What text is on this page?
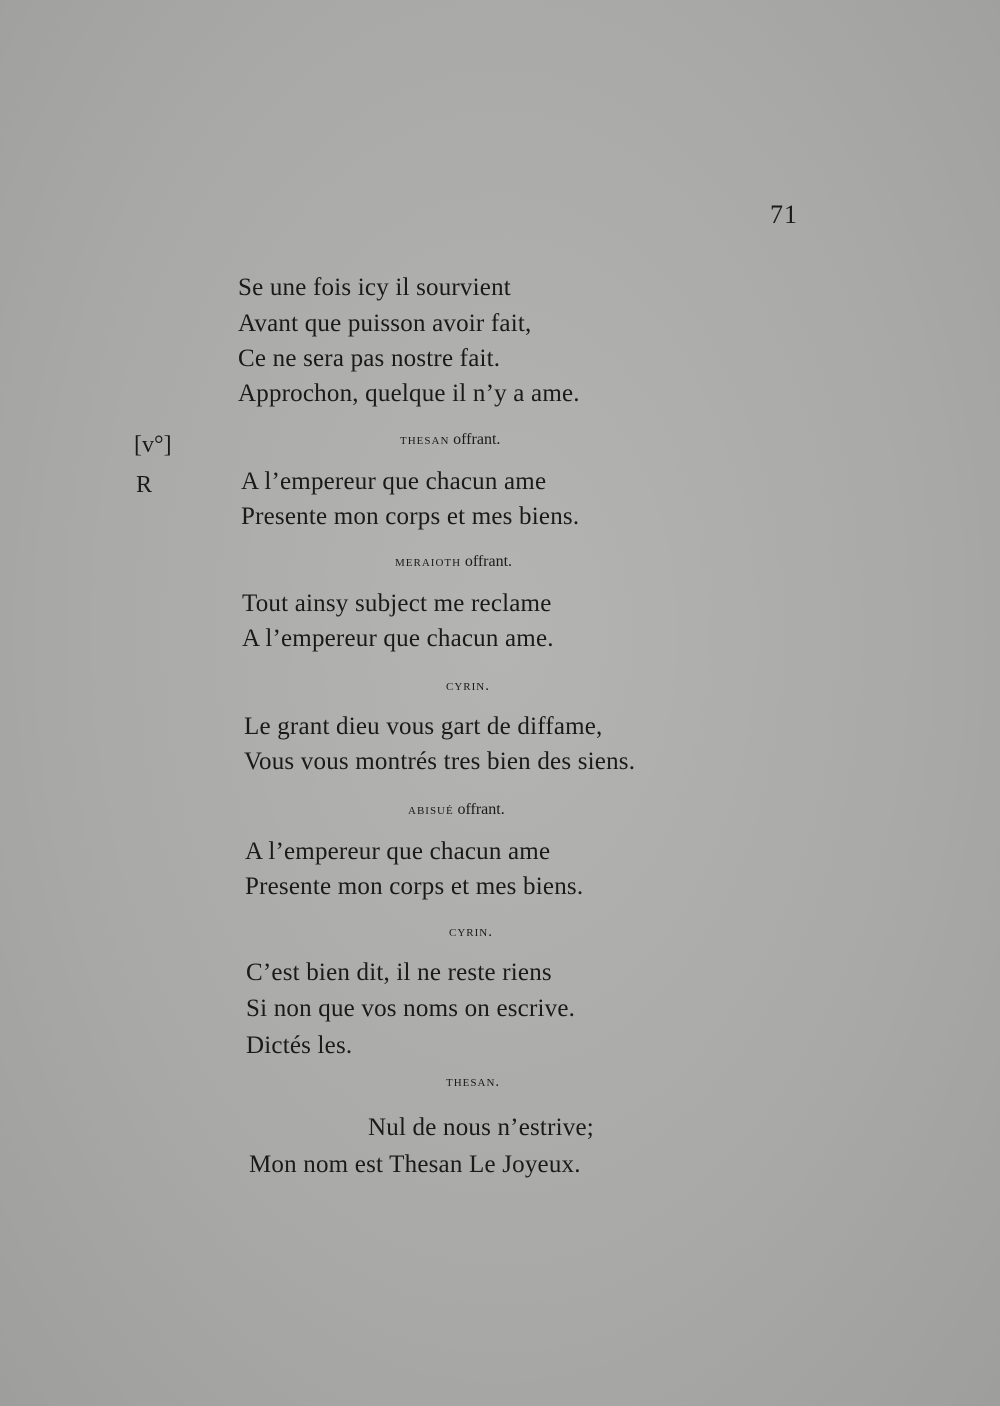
71
[v°]
R
Se une fois icy il sourvient
Avant que puisson avoir fait,
Ce ne sera pas nostre fait.
Approchon, quelque il n’y a ame.
thesan offrant.
A l’empereur que chacun ame
Presente mon corps et mes biens.
meraioth offrant.
Tout ainsy subject me reclame
A l’empereur que chacun ame.
cyrin.
Le grant dieu vous gart de diffame,
Vous vous montrés tres bien des siens.
abisué offrant.
A l’empereur que chacun ame
Presente mon corps et mes biens.
cyrin.
C’est bien dit, il ne reste riens
Si non que vos noms on escrive.
Dictés les.
thesan.
Nul de nous n’estrive;
Mon nom est Thesan Le Joyeux.
